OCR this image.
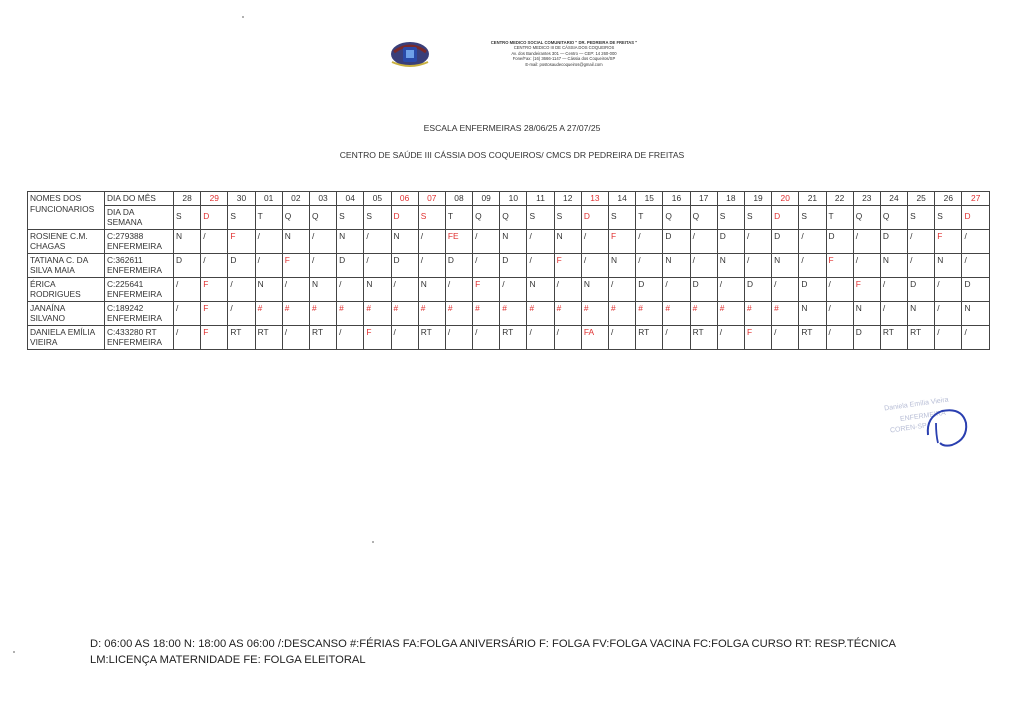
CENTRO MEDICO SOCIAL COMUNITARIO " DR. PEDREIRA DE FREITAS "
CENTRO MEDICO III DE CÁSSIA DOS COQUEIROS
Av. dos Bandeirantes 301 — Centro — CEP: 14 260-000
Fone/Fax: (16) 3666-1147 — Cássia dos Coqueiros/SP
E-mail: postosaudecoqueiros@gmail.com
ESCALA ENFERMEIRAS 28/06/25 A 27/07/25
CENTRO DE SAÚDE III CÁSSIA DOS COQUEIROS/ CMCS DR PEDREIRA DE FREITAS
NOMES DOS FUNCIONARIOS	DIA DO MÊS	28	29	30	01	02	03	04	05	06	07	08	09	10	11	12	13	14	15	16	17	18	19	20	21	22	23	24	25	26	27
	DIA DA SEMANA	S	D	S	T	Q	Q	S	S	D	S	T	Q	Q	S	S	D	S	T	Q	Q	S	S	D	S	T	Q	Q	S	S	D
ROSIENE C.M. CHAGAS	C:279388 ENFERMEIRA	N	/	F	/	N	/	N	/	N	/	FE	/	N	/	N	/	F	/	D	/	D	/	D	/	D	/	D	/	F	/
TATIANA C. DA SILVA MAIA	C:362611 ENFERMEIRA	D	/	D	/	F	/	D	/	D	/	D	/	D	/	F	/	N	/	N	/	N	/	N	/	F	/	N	/	N	/
ÉRICA RODRIGUES	C:225641 ENFERMEIRA	/	F	/	N	/	N	/	N	/	N	/	F	/	N	/	N	/	D	/	D	/	D	/	D	/	F	/	D	/	D
JANAÍNA SILVANO	C:189242 ENFERMEIRA	/	F	/	#	#	#	#	#	#	#	#	#	#	#	#	#	#	#	#	#	#	#	#	N	/	N	/	N	/	N
DANIELA EMÍLIA VIEIRA	C:433280 RT ENFERMEIRA	/	F	RT	RT	/	RT	/	F	/	RT	/	/	RT	/	/	FA	/	RT	/	RT	/	F	/	RT	/	D	RT	RT	/	/
Daniela Emília Vieira
ENFERMEIRA
COREN-SP
D: 06:00 AS 18:00 N: 18:00 AS 06:00 /:DESCANSO #:FÉRIAS FA:FOLGA ANIVERSÁRIO F: FOLGA FV:FOLGA VACINA FC:FOLGA CURSO RT: RESP.TÉCNICA
LM:LICENÇA MATERNIDADE FE: FOLGA ELEITORAL
